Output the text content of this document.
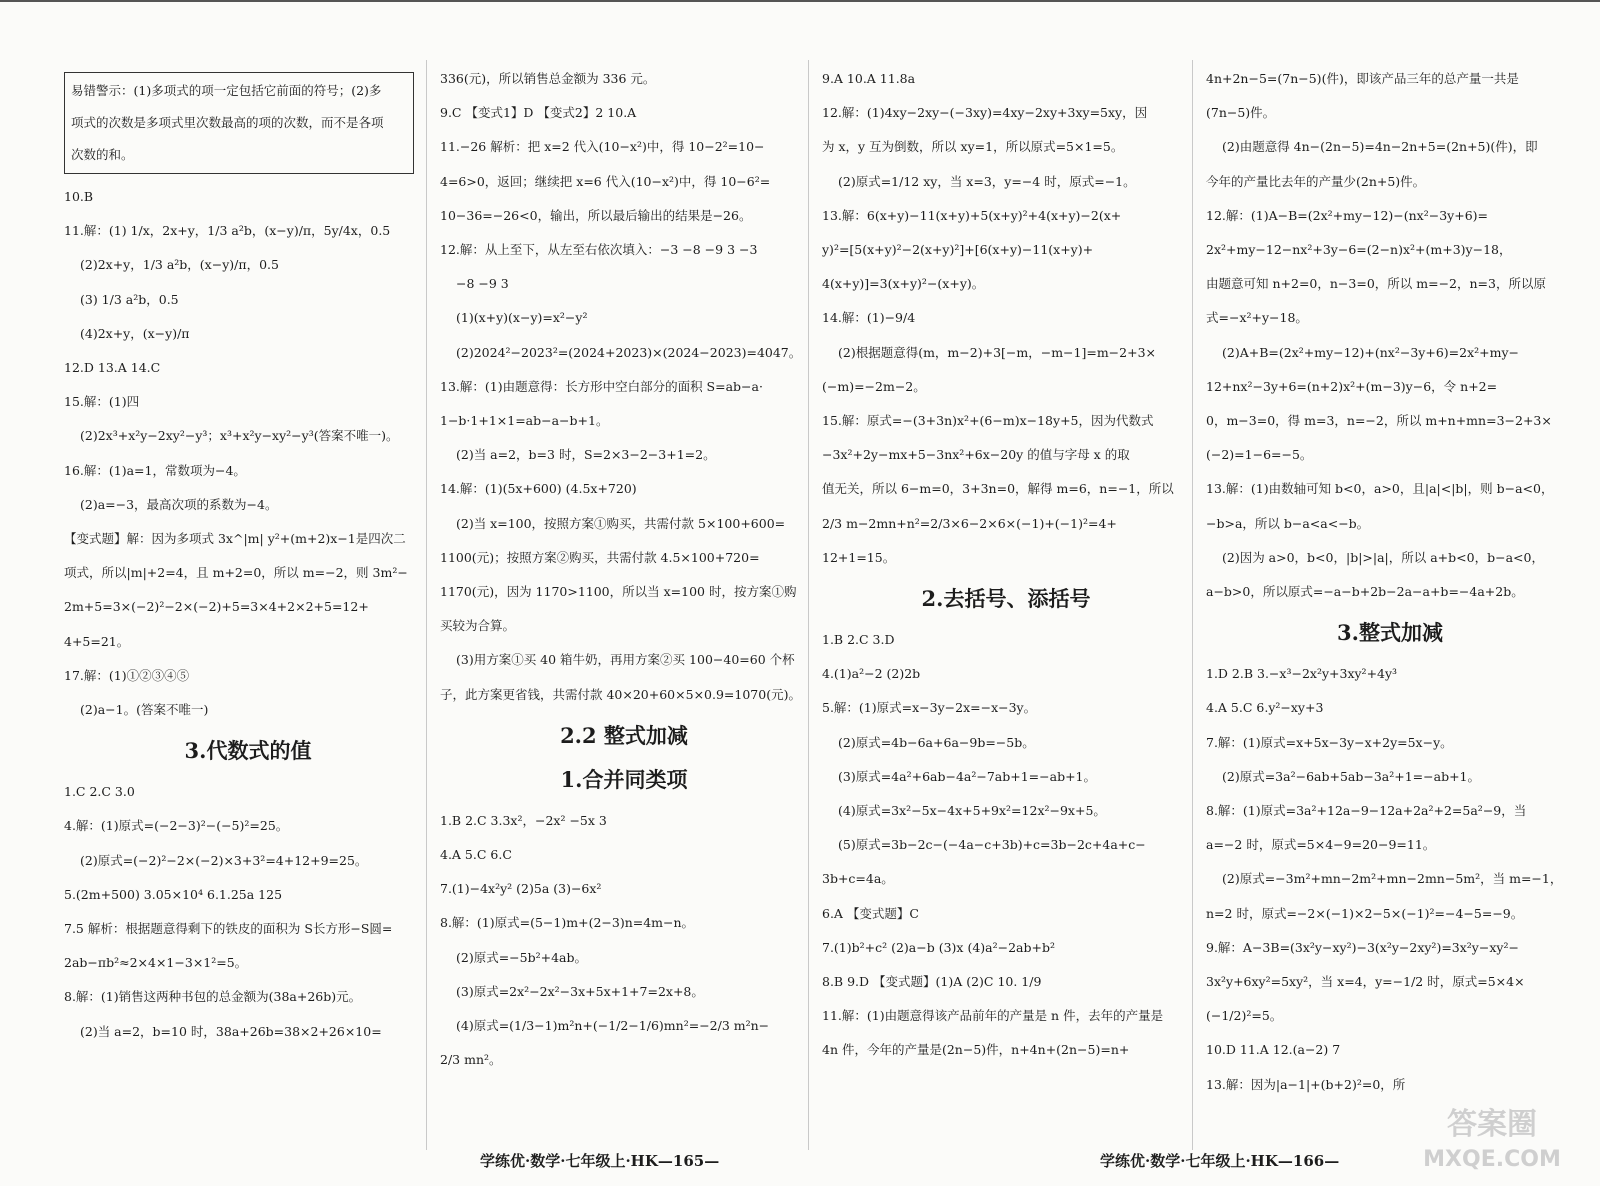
易错警示：(1)多项式的项一定包括它前面的符号；(2)多
项式的次数是多项式里次数最高的项的次数，而不是各项
次数的和。
10.B
11.解：(1) 1/x，2x+y，1/3 a²b，(x−y)/π，5y/4x，0.5
(2)2x+y，1/3 a²b，(x−y)/π，0.5
(3) 1/3 a²b，0.5
(4)2x+y，(x−y)/π
12.D 13.A 14.C
15.解：(1)四
(2)2x³+x²y−2xy²−y³；x³+x²y−xy²−y³(答案不唯一)。
16.解：(1)a=1，常数项为−4。
(2)a=−3，最高次项的系数为−4。
【变式题】解：因为多项式 3x^|m| y²+(m+2)x−1是四次二
项式，所以|m|+2=4，且 m+2=0，所以 m=−2，则 3m²−
2m+5=3×(−2)²−2×(−2)+5=3×4+2×2+5=12+
4+5=21。
17.解：(1)①②③④⑤
(2)a−1。(答案不唯一)
3.代数式的值
1.C 2.C 3.0
4.解：(1)原式=(−2−3)²−(−5)²=25。
(2)原式=(−2)²−2×(−2)×3+3²=4+12+9=25。
5.(2m+500) 3.05×10⁴ 6.1.25a 125
7.5 解析：根据题意得剩下的铁皮的面积为 S长方形−S圆=
2ab−πb²≈2×4×1−3×1²=5。
8.解：(1)销售这两种书包的总金额为(38a+26b)元。
(2)当 a=2，b=10 时，38a+26b=38×2+26×10=
336(元)，所以销售总金额为 336 元。
9.C 【变式1】D 【变式2】2 10.A
11.−26 解析：把 x=2 代入(10−x²)中，得 10−2²=10−
4=6>0，返回；继续把 x=6 代入(10−x²)中，得 10−6²=
10−36=−26<0，输出，所以最后输出的结果是−26。
12.解：从上至下，从左至右依次填入：−3 −8 −9 3 −3
−8 −9 3
(1)(x+y)(x−y)=x²−y²
(2)2024²−2023²=(2024+2023)×(2024−2023)=4047。
13.解：(1)由题意得：长方形中空白部分的面积 S=ab−a·
1−b·1+1×1=ab−a−b+1。
(2)当 a=2，b=3 时，S=2×3−2−3+1=2。
14.解：(1)(5x+600) (4.5x+720)
(2)当 x=100，按照方案①购买，共需付款 5×100+600=
1100(元)；按照方案②购买，共需付款 4.5×100+720=
1170(元)，因为 1170>1100，所以当 x=100 时，按方案①购
买较为合算。
(3)用方案①买 40 箱牛奶，再用方案②买 100−40=60 个杯
子，此方案更省钱，共需付款 40×20+60×5×0.9=1070(元)。
2.2 整式加减
1.合并同类项
1.B 2.C 3.3x²，−2x² −5x 3
4.A 5.C 6.C
7.(1)−4x²y² (2)5a (3)−6x²
8.解：(1)原式=(5−1)m+(2−3)n=4m−n。
(2)原式=−5b²+4ab。
(3)原式=2x²−2x²−3x+5x+1+7=2x+8。
(4)原式=(1/3−1)m²n+(−1/2−1/6)mn²=−2/3 m²n−
2/3 mn²。
9.A 10.A 11.8a
12.解：(1)4xy−2xy−(−3xy)=4xy−2xy+3xy=5xy，因
为 x，y 互为倒数，所以 xy=1，所以原式=5×1=5。
(2)原式=1/12 xy，当 x=3，y=−4 时，原式=−1。
13.解：6(x+y)−11(x+y)+5(x+y)²+4(x+y)−2(x+
y)²=[5(x+y)²−2(x+y)²]+[6(x+y)−11(x+y)+
4(x+y)]=3(x+y)²−(x+y)。
14.解：(1)−9/4
(2)根据题意得(m，m−2)+3[−m，−m−1]=m−2+3×
(−m)=−2m−2。
15.解：原式=−(3+3n)x²+(6−m)x−18y+5，因为代数式
−3x²+2y−mx+5−3nx²+6x−20y 的值与字母 x 的取
值无关，所以 6−m=0，3+3n=0，解得 m=6，n=−1，所以
2/3 m−2mn+n²=2/3×6−2×6×(−1)+(−1)²=4+
12+1=15。
2.去括号、添括号
1.B 2.C 3.D
4.(1)a²−2 (2)2b
5.解：(1)原式=x−3y−2x=−x−3y。
(2)原式=4b−6a+6a−9b=−5b。
(3)原式=4a²+6ab−4a²−7ab+1=−ab+1。
(4)原式=3x²−5x−4x+5+9x²=12x²−9x+5。
(5)原式=3b−2c−(−4a−c+3b)+c=3b−2c+4a+c−
3b+c=4a。
6.A 【变式题】C
7.(1)b²+c² (2)a−b (3)x (4)a²−2ab+b²
8.B 9.D 【变式题】(1)A (2)C 10. 1/9
11.解：(1)由题意得该产品前年的产量是 n 件，去年的产量是
4n 件，今年的产量是(2n−5)件，n+4n+(2n−5)=n+
4n+2n−5=(7n−5)(件)，即该产品三年的总产量一共是
(7n−5)件。
(2)由题意得 4n−(2n−5)=4n−2n+5=(2n+5)(件)，即
今年的产量比去年的产量少(2n+5)件。
12.解：(1)A−B=(2x²+my−12)−(nx²−3y+6)=
2x²+my−12−nx²+3y−6=(2−n)x²+(m+3)y−18，
由题意可知 n+2=0，n−3=0，所以 m=−2，n=3，所以原
式=−x²+y−18。
(2)A+B=(2x²+my−12)+(nx²−3y+6)=2x²+my−
12+nx²−3y+6=(n+2)x²+(m−3)y−6，令 n+2=
0，m−3=0，得 m=3，n=−2，所以 m+n+mn=3−2+3×
(−2)=1−6=−5。
13.解：(1)由数轴可知 b<0，a>0，且|a|<|b|，则 b−a<0，
−b>a，所以 b−a<a<−b。
(2)因为 a>0，b<0，|b|>|a|，所以 a+b<0，b−a<0，
a−b>0，所以原式=−a−b+2b−2a−a+b=−4a+2b。
3.整式加减
1.D 2.B 3.−x³−2x²y+3xy²+4y³
4.A 5.C 6.y²−xy+3
7.解：(1)原式=x+5x−3y−x+2y=5x−y。
(2)原式=3a²−6ab+5ab−3a²+1=−ab+1。
8.解：(1)原式=3a²+12a−9−12a+2a²+2=5a²−9，当
a=−2 时，原式=5×4−9=20−9=11。
(2)原式=−3m²+mn−2m²+mn−2mn−5m²，当 m=−1，
n=2 时，原式=−2×(−1)×2−5×(−1)²=−4−5=−9。
9.解：A−3B=(3x²y−xy²)−3(x²y−2xy²)=3x²y−xy²−
3x²y+6xy²=5xy²，当 x=4，y=−1/2 时，原式=5×4×
(−1/2)²=5。
10.D 11.A 12.(a−2) 7
13.解：因为|a−1|+(b+2)²=0，所
学练优·数学·七年级上·HK—165—	学练优·数学·七年级上·HK—166—
答案圈
MXQE.COM
